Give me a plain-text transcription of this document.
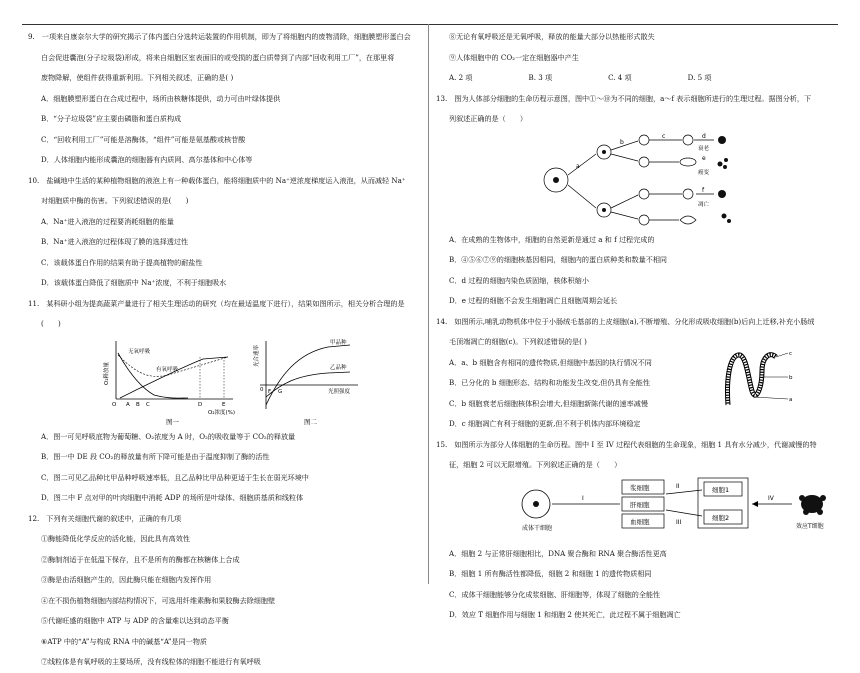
9.　一项来自康奈尔大学的研究揭示了体内蛋白分选转运装置的作用机制，即为了将细胞内的废物清除，细胞膜塑形蛋白会
白会促进囊泡(分子垃圾袋)形成，将来自细胞区室表面旧的或受损的蛋白质带到了内部“回收利用工厂”，在那里将
废物降解，使组件获得重新利用。下列相关叙述，正确的是( )
A．细胞膜塑形蛋白在合成过程中，场所由核糖体提供，动力可由叶绿体提供
B．“分子垃圾袋”应主要由磷脂和蛋白质构成
C．“回收利用工厂”可能是溶酶体，“组件”可能是氨基酸或核苷酸
D．人体细胞内能形成囊泡的细胞器有内质网、高尔基体和中心体等
10.　盐碱地中生活的某种植物细胞的液泡上有一种载体蛋白，能将细胞质中的 Na⁺逆浓度梯度运入液泡，从而减轻 Na⁺
对细胞质中酶的伤害。下列叙述错误的是(　　)
A．Na⁺进入液泡的过程要消耗细胞的能量
B．Na⁺进入液泡的过程体现了膜的选择透过性
C．该载体蛋白作用的结果有助于提高植物的耐盐性
D．该载体蛋白降低了细胞质中 Na⁺浓度，不利于细胞吸水
11.　某科研小组为提高蔬菜产量进行了相关生理活动的研究（均在最适温度下进行），结果如图所示，相关分析合理的是
(　　)
O₂释放量
无氧呼吸
有氧呼吸
O A B C	D	E
O₂浓度(%)
图一
光合速率
甲品种
乙品种
0 F G	光照强度
图二
A．图一可见呼吸底物为葡萄糖、O₂浓度为 A 时，O₂的吸收量等于 CO₂的释放量
B．图一中 DE 段 CO₂的释放量有所下降可能是由于温度抑制了酶的活性
C．图二可见乙品种比甲品种呼吸速率低，且乙品种比甲品种更适于生长在弱光环境中
D．图二中 F 点对甲的叶肉细胞中消耗 ADP 的场所是叶绿体、细胞质基质和线粒体
12.　下列有关细胞代谢的叙述中，正确的有几项
①酶能降低化学反应的活化能，因此具有高效性
②酶制剂适于在低温下保存，且不是所有的酶都在核糖体上合成
③酶是由活细胞产生的，因此酶只能在细胞内发挥作用
④在不损伤植物细胞内部结构情况下，可选用纤维素酶和果胶酶去除细胞壁
⑤代谢旺盛的细胞中 ATP 与 ADP 的含量难以达到动态平衡
⑥ATP 中的“A”与构成 RNA 中的碱基“A”是同一物质
⑦线粒体是有氧呼吸的主要场所，没有线粒体的细胞不能进行有氧呼吸
⑧无论有氧呼吸还是无氧呼吸，释放的能量大部分以热能形式散失
⑨人体细胞中的 CO₂一定在细胞器中产生
A. 2 项	B. 3 项	C. 4 项	D. 5 项
13.　图为人体部分细胞的生命历程示意图，图中①～⑩为不同的细胞，a～f 表示细胞所进行的生理过程。据图分析，下
列叙述正确的是（　　）
a
b
c	d
e
f
衰老
癌变
凋亡
A．在成熟的生物体中，细胞的自然更新是通过 a 和 f 过程完成的
B．④⑤⑥⑦⑨的细胞核基因相同，细胞内的蛋白质种类和数量不相同
C．d 过程的细胞内染色质固缩，核体积缩小
D．e 过程的细胞不会发生细胞凋亡且细胞周期会延长
14.　如图所示,哺乳动物机体中位于小肠绒毛基部的上皮细胞(a),不断增殖、分化形成吸收细胞(b)后向上迁移,补充小肠绒
毛顶端凋亡的细胞(c)。下列叙述错误的是( )
A．a、b 细胞含有相同的遗传物质,但细胞中基因的执行情况不同
B．已分化的 b 细胞形态、结构和功能发生改变,但仍具有全能性
C．b 细胞衰老后细胞核体积会增大,但细胞新陈代谢的速率减慢
D．c 细胞凋亡有利于细胞的更新,但不利于机体内部环境稳定
c
b
a
15.　如图所示为部分人体细胞的生命历程。图中 I 至 IV 过程代表细胞的生命现象，细胞 1 具有水分减少，代谢减慢的特
征，细胞 2 可以无限增殖。下列叙述正确的是（　　）
成体干细胞
I
浆细胞
肝细胞
血细胞
II
III
细胞1
细胞2
IV
效应T细胞
A．细胞 2 与正常肝细胞相比，DNA 聚合酶和 RNA 聚合酶活性更高
B．细胞 1 所有酶活性都降低，细胞 2 和细胞 1 的遗传物质相同
C．成体干细胞能够分化成浆细胞、肝细胞等，体现了细胞的全能性
D．效应 T 细胞作用与细胞 1 和细胞 2 使其死亡，此过程不属于细胞凋亡
